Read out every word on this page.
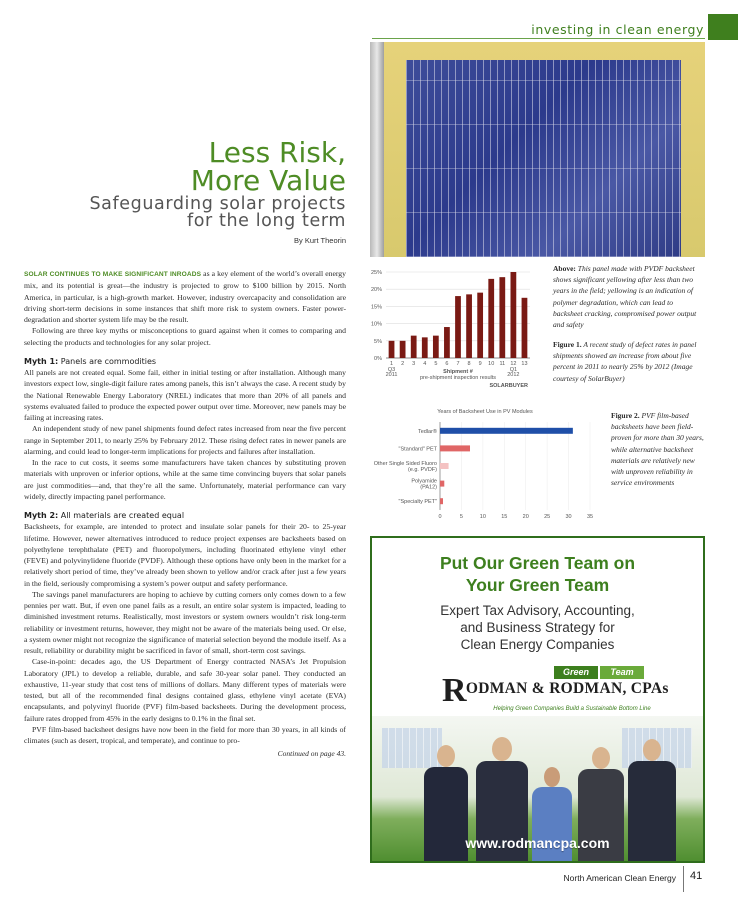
investing in clean energy
Less Risk,
More Value
Safeguarding solar projects
for the long term
By Kurt Theorin

SOLAR CONTINUES TO MAKE SIGNIFICANT INROADS as a key element of the world’s overall energy mix, and its potential is great—the industry is projected to grow to $100 billion by 2015. North America, in particular, is a high-growth market. However, industry overcapacity and consolidation are driving short-term decisions in some instances that shift more risk to system owners. Faster power-degradation and shorter system life may be the result.

Following are three key myths or misconceptions to guard against when it comes to comparing and selecting the products and technologies for any solar project.

Myth 1: Panels are commodities

All panels are not created equal. Some fail, either in initial testing or after installation. Although many investors expect low, single-digit failure rates among panels, this isn’t always the case. A recent study by the National Renewable Energy Laboratory (NREL) indicates that more than 20% of all panels and systems evaluated failed to produce the expected power output over time. Moreover, new panels may be failing at increasing rates.

An independent study of new panel shipments found defect rates increased from near the five percent range in September 2011, to nearly 25% by February 2012. These rising defect rates in newer panels are alarming, and could lead to longer-term implications for projects and failures after installation.

In the race to cut costs, it seems some manufacturers have taken chances by substituting proven materials with unproven or inferior options, while at the same time convincing buyers that solar panels are just commodities—and, that they’re all the same. Unfortunately, material performance can vary widely, directly impacting panel performance.

Myth 2: All materials are created equal

Backsheets, for example, are intended to protect and insulate solar panels for their 20- to 25-year lifetime. However, newer alternatives introduced to reduce project expenses are backsheets based on polyethylene terephthalate (PET) and fluoropolymers, including fluorinated ethylene vinyl ether (FEVE) and polyvinylidene fluoride (PVDF). Although these options have only been in the market for a relatively short period of time, they’ve already been shown to yellow and/or crack after just a few years in the field, seriously compromising a system’s power output and safety performance.

The savings panel manufacturers are hoping to achieve by cutting corners only comes down to a few pennies per watt. But, if even one panel fails as a result, an entire solar system is impacted, leading to diminished investment returns. Realistically, most investors or system owners wouldn’t risk long-term reliability or investment returns, however, they might not be aware of the materials being used. Or else, a system owner might not recognize the significance of material selection beyond the module itself. As a result, reliability or durability might be sacrificed in favor of small, short-term cost savings.

Case-in-point: decades ago, the US Department of Energy contracted NASA’s Jet Propulsion Laboratory (JPL) to develop a reliable, durable, and safe 30-year solar panel. They conducted an exhaustive, 11-year study that cost tens of millions of dollars. Many different types of materials were tested, but all of the recommended final designs contained glass, ethylene vinyl acetate (EVA) encapsulants, and polyvinyl fluoride (PVF) film-based backsheets. During the development process, failure rates dropped from 45% in the early designs to 0.1% in the final set.

PVF film-based backsheet designs have now been in the field for more than 30 years, in all kinds of climates (such as desert, tropical, and temperate), and continue to pro-

Continued on page 43.
0%
5%
10%
15%
20%
25%
1 2 3 4 5 6 7 8 9 10 11 12 13
Q3
2011
Q1
2012
Shipment #
pre-shipment inspection results
SOLARBUYER
Years of Backsheet Use in PV Modules
0	5	10	15	20	25	30	35
Tedlar®
"Standard" PET
Other Single Sided Fluoro
(e.g. PVDF)
Polyamide
(PA12)
"Specialty PET"
Above: This panel made with PVDF backsheet shows significant yellowing after less than two years in the field; yellowing is an indication of polymer degradation, which can lead to backsheet cracking, compromised power output and safety
Figure 1. A recent study of defect rates in panel shipments showed an increase from about five percent in 2011 to nearly 25% by 2012 (Image courtesy of SolarBuyer)
Figure 2. PVF film-based backsheets have been field-proven for more than 30 years, while alternative backsheet materials are relatively new with unproven reliability in service environments
Put Our Green Team on
Your Green Team
Expert Tax Advisory, Accounting,
and Business Strategy for
Clean Energy Companies
Green	Team
RODMAN & RODMAN, CPAs
Helping Green Companies Build a Sustainable Bottom Line
www.rodmancpa.com
North American Clean Energy 41
